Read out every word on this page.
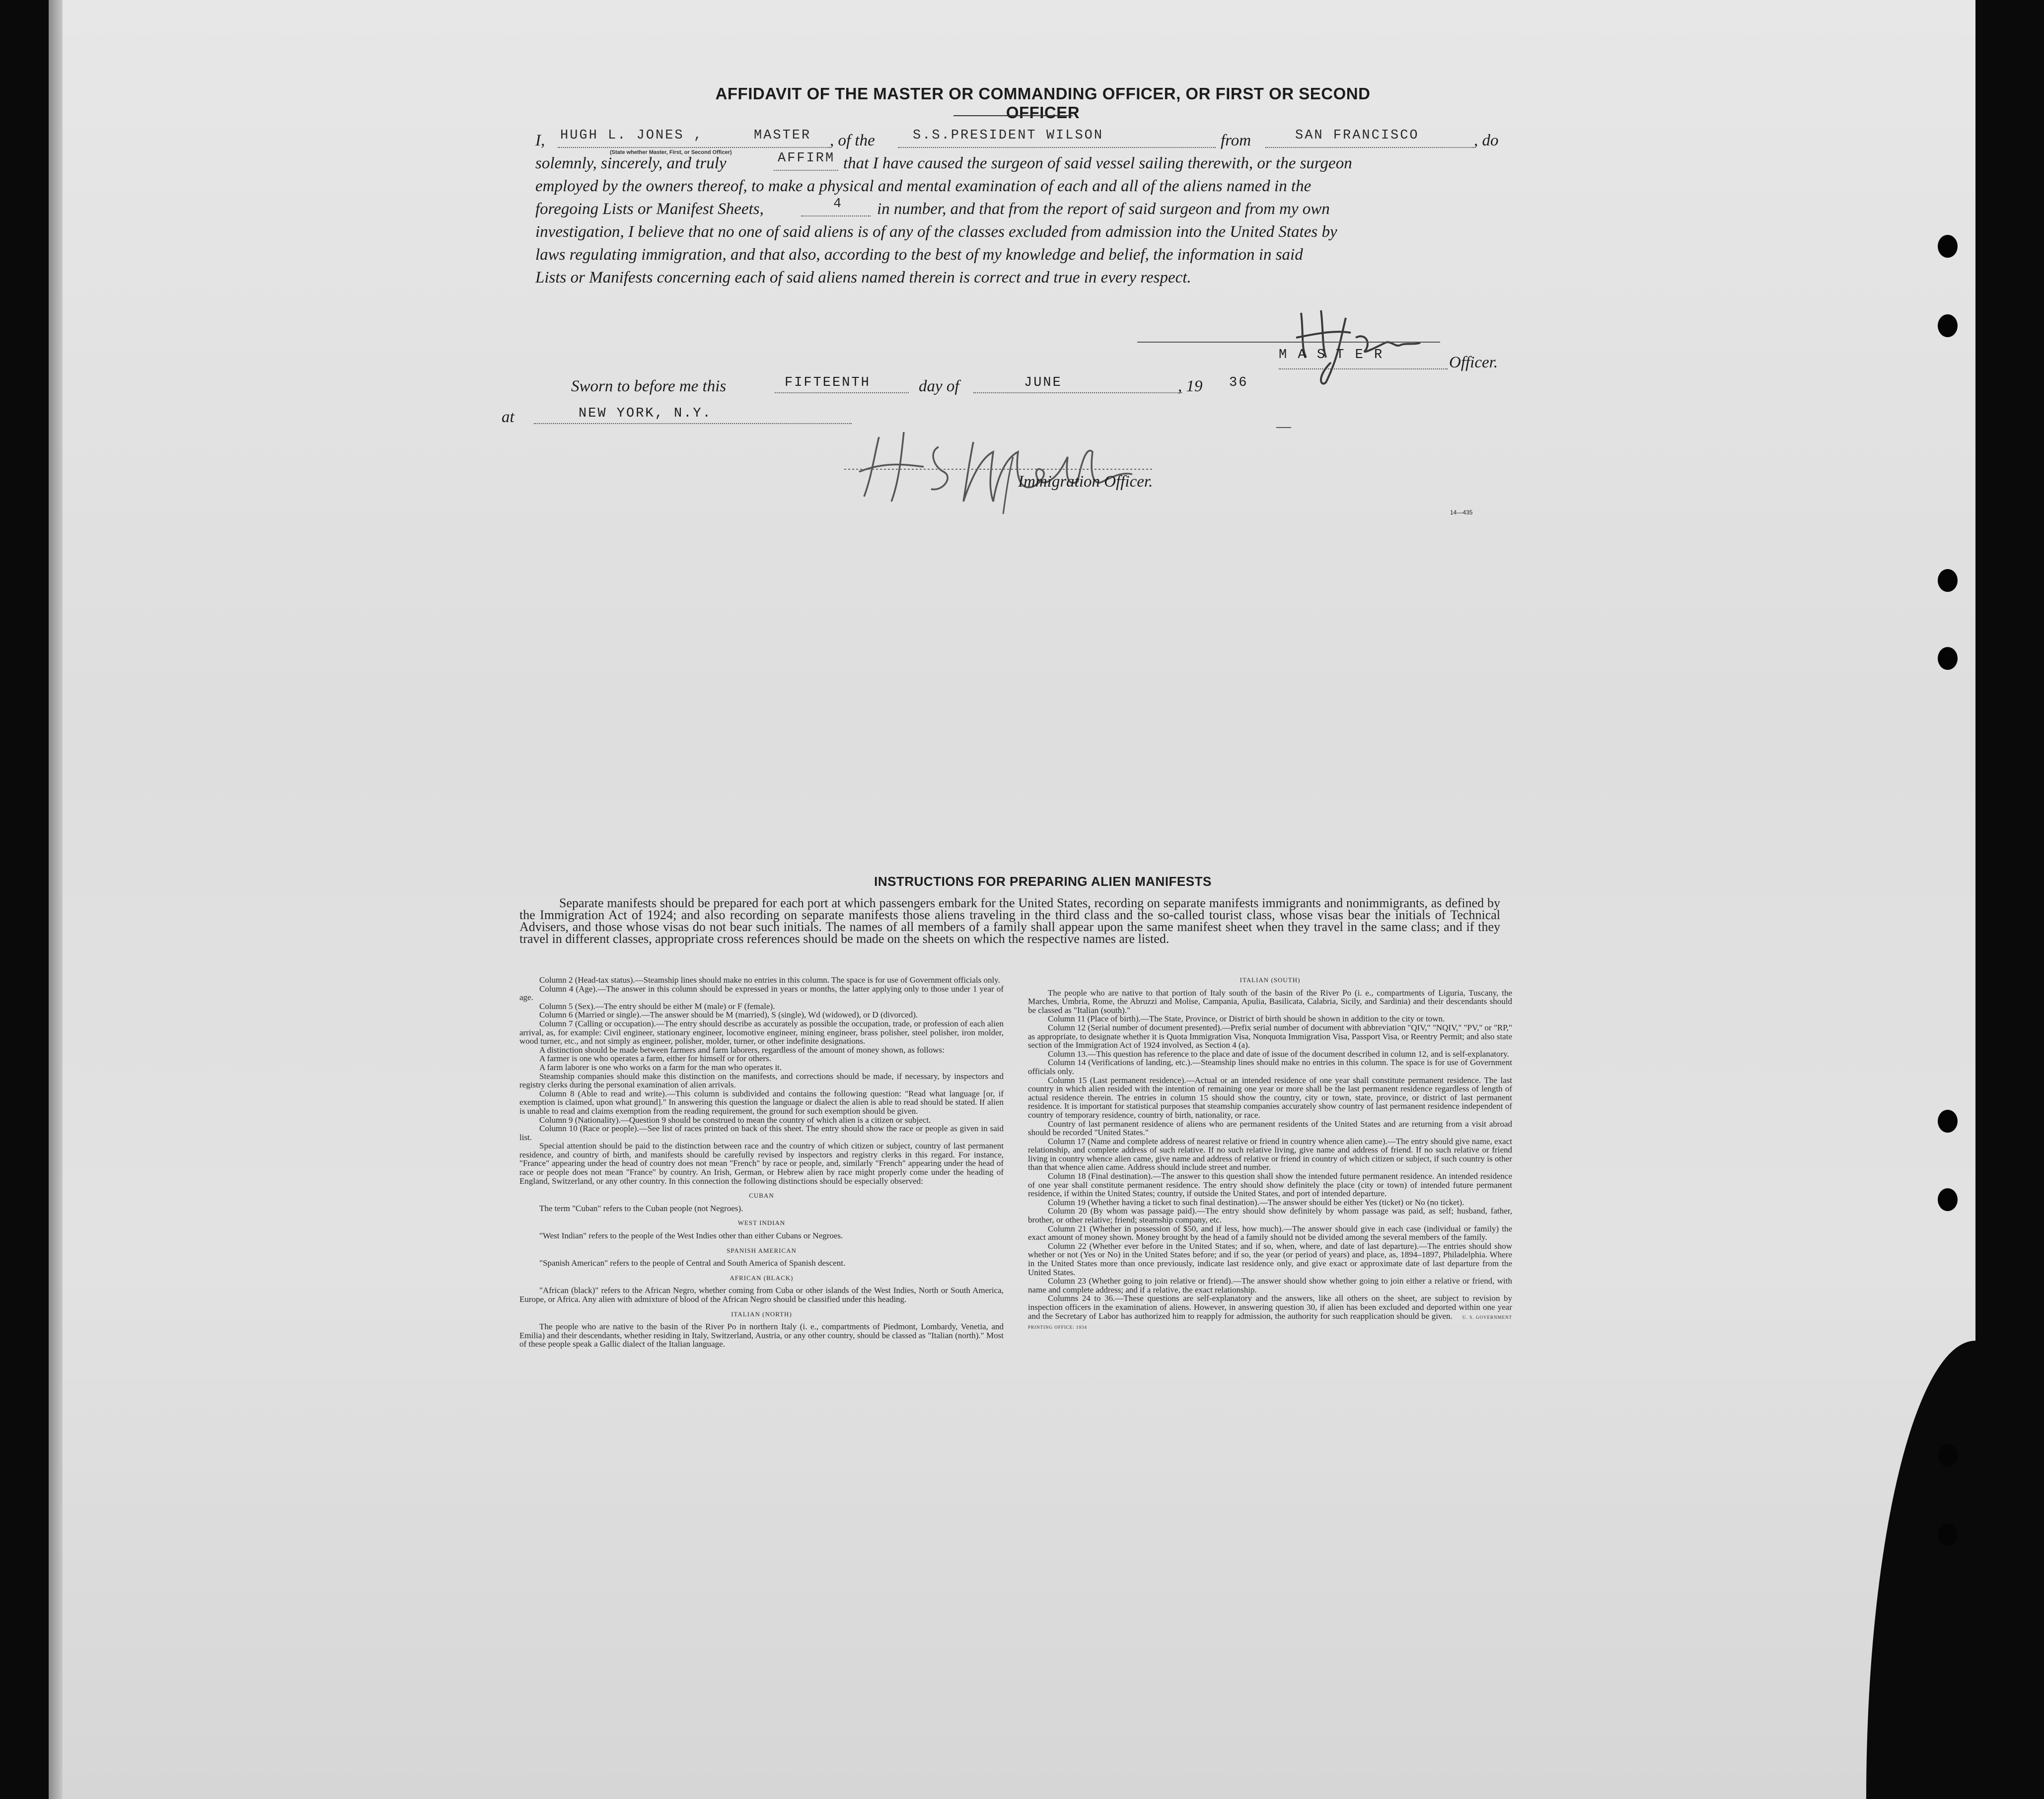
AFFIDAVIT OF THE MASTER OR COMMANDING OFFICER, OR FIRST OR SECOND OFFICER
I, HUGH L. JONES ,	MASTER
(State whether Master, First, or Second Officer)
, of the	S.S.PRESIDENT WILSON	from	SAN FRANCISCO	, do
solemnly, sincerely, and truly	AFFIRM that I have caused the surgeon of said vessel sailing therewith, or the surgeon
employed by the owners thereof, to make a physical and mental examination of each and all of the aliens named in the
foregoing Lists or Manifest Sheets,	4 in number, and that from the report of said surgeon and from my own
investigation, I believe that no one of said aliens is of any of the classes excluded from admission into the United States by
laws regulating immigration, and that also, according to the best of my knowledge and belief, the information in said
Lists or Manifests concerning each of said aliens named therein is correct and true in every respect.
M A S T E R	Officer.
Sworn to before me this	FIFTEENTH	day of	JUNE	, 19 36
at	NEW YORK, N.Y.
Immigration Officer.
14—435
INSTRUCTIONS FOR PREPARING ALIEN MANIFESTS
Separate manifests should be prepared for each port at which passengers embark for the United States, recording on separate manifests immigrants and nonimmigrants, as defined by the Immigration Act of 1924; and also recording on separate manifests those aliens traveling in the third class and the so-called tourist class, whose visas bear the initials of Technical Advisers, and those whose visas do not bear such initials. The names of all members of a family shall appear upon the same manifest sheet when they travel in the same class; and if they travel in different classes, appropriate cross references should be made on the sheets on which the respective names are listed.

Column 2 (Head-tax status).—Steamship lines should make no entries in this column. The space is for use of Government officials only.

Column 4 (Age).—The answer in this column should be expressed in years or months, the latter applying only to those under 1 year of age.

Column 5 (Sex).—The entry should be either M (male) or F (female).

Column 6 (Married or single).—The answer should be M (married), S (single), Wd (widowed), or D (divorced).

Column 7 (Calling or occupation).—The entry should describe as accurately as possible the occupation, trade, or profession of each alien arrival, as, for example: Civil engineer, stationary engineer, locomotive engineer, mining engineer, brass polisher, steel polisher, iron molder, wood turner, etc., and not simply as engineer, polisher, molder, turner, or other indefinite designations.

A distinction should be made between farmers and farm laborers, regardless of the amount of money shown, as follows:

A farmer is one who operates a farm, either for himself or for others.

A farm laborer is one who works on a farm for the man who operates it.

Steamship companies should make this distinction on the manifests, and corrections should be made, if necessary, by inspectors and registry clerks during the personal examination of alien arrivals.

Column 8 (Able to read and write).—This column is subdivided and contains the following question: "Read what language [or, if exemption is claimed, upon what ground]." In answering this question the language or dialect the alien is able to read should be stated. If alien is unable to read and claims exemption from the reading requirement, the ground for such exemption should be given.

Column 9 (Nationality).—Question 9 should be construed to mean the country of which alien is a citizen or subject.

Column 10 (Race or people).—See list of races printed on back of this sheet. The entry should show the race or people as given in said list.

Special attention should be paid to the distinction between race and the country of which citizen or subject, country of last permanent residence, and country of birth, and manifests should be carefully revised by inspectors and registry clerks in this regard. For instance, "France" appearing under the head of country does not mean "French" by race or people, and, similarly "French" appearing under the head of race or people does not mean "France" by country. An Irish, German, or Hebrew alien by race might properly come under the heading of England, Switzerland, or any other country. In this connection the following distinctions should be especially observed:

CUBAN

The term "Cuban" refers to the Cuban people (not Negroes).

WEST INDIAN

"West Indian" refers to the people of the West Indies other than either Cubans or Negroes.

SPANISH AMERICAN

"Spanish American" refers to the people of Central and South America of Spanish descent.

AFRICAN (BLACK)

"African (black)" refers to the African Negro, whether coming from Cuba or other islands of the West Indies, North or South America, Europe, or Africa. Any alien with admixture of blood of the African Negro should be classified under this heading.

ITALIAN (NORTH)

The people who are native to the basin of the River Po in northern Italy (i. e., compartments of Piedmont, Lombardy, Venetia, and Emilia) and their descendants, whether residing in Italy, Switzerland, Austria, or any other country, should be classed as "Italian (north)." Most of these people speak a Gallic dialect of the Italian language.

ITALIAN (SOUTH)

The people who are native to that portion of Italy south of the basin of the River Po (i. e., compartments of Liguria, Tuscany, the Marches, Umbria, Rome, the Abruzzi and Molise, Campania, Apulia, Basilicata, Calabria, Sicily, and Sardinia) and their descendants should be classed as "Italian (south)."

Column 11 (Place of birth).—The State, Province, or District of birth should be shown in addition to the city or town.

Column 12 (Serial number of document presented).—Prefix serial number of document with abbreviation "QIV," "NQIV," "PV," or "RP," as appropriate, to designate whether it is Quota Immigration Visa, Nonquota Immigration Visa, Passport Visa, or Reentry Permit; and also state section of the Immigration Act of 1924 involved, as Section 4 (a).

Column 13.—This question has reference to the place and date of issue of the document described in column 12, and is self-explanatory.

Column 14 (Verifications of landing, etc.).—Steamship lines should make no entries in this column. The space is for use of Government officials only.

Column 15 (Last permanent residence).—Actual or an intended residence of one year shall constitute permanent residence. The last country in which alien resided with the intention of remaining one year or more shall be the last permanent residence regardless of length of actual residence therein. The entries in column 15 should show the country, city or town, state, province, or district of last permanent residence. It is important for statistical purposes that steamship companies accurately show country of last permanent residence independent of country of temporary residence, country of birth, nationality, or race.

Country of last permanent residence of aliens who are permanent residents of the United States and are returning from a visit abroad should be recorded "United States."

Column 17 (Name and complete address of nearest relative or friend in country whence alien came).—The entry should give name, exact relationship, and complete address of such relative. If no such relative living, give name and address of friend. If no such relative or friend living in country whence alien came, give name and address of relative or friend in country of which citizen or subject, if such country is other than that whence alien came. Address should include street and number.

Column 18 (Final destination).—The answer to this question shall show the intended future permanent residence. An intended residence of one year shall constitute permanent residence. The entry should show definitely the place (city or town) of intended future permanent residence, if within the United States; country, if outside the United States, and port of intended departure.

Column 19 (Whether having a ticket to such final destination).—The answer should be either Yes (ticket) or No (no ticket).

Column 20 (By whom was passage paid).—The entry should show definitely by whom passage was paid, as self; husband, father, brother, or other relative; friend; steamship company, etc.

Column 21 (Whether in possession of $50, and if less, how much).—The answer should give in each case (individual or family) the exact amount of money shown. Money brought by the head of a family should not be divided among the several members of the family.

Column 22 (Whether ever before in the United States; and if so, when, where, and date of last departure).—The entries should show whether or not (Yes or No) in the United States before; and if so, the year (or period of years) and place, as, 1894–1897, Philadelphia. Where in the United States more than once previously, indicate last residence only, and give exact or approximate date of last departure from the United States.

Column 23 (Whether going to join relative or friend).—The answer should show whether going to join either a relative or friend, with name and complete address; and if a relative, the exact relationship.

Columns 24 to 36.—These questions are self-explanatory and the answers, like all others on the sheet, are subject to revision by inspection officers in the examination of aliens. However, in answering question 30, if alien has been excluded and deported within one year and the Secretary of Labor has authorized him to reapply for admission, the authority for such reapplication should be given. U. S. GOVERNMENT PRINTING OFFICE: 1934
